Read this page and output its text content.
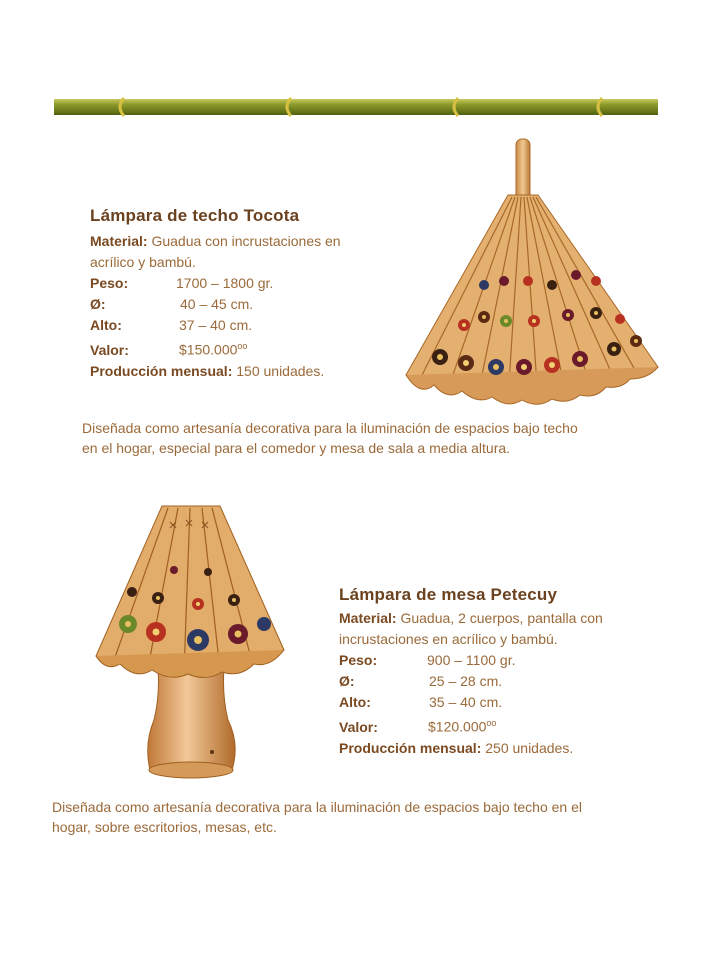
Lámpara de techo Tocota
Material: Guadua con incrustaciones en
acrílico y bambú.
Peso:	1700 – 1800 gr.
Ø:	40 – 45 cm.
Alto:	37 – 40 cm.
Valor:	$\$150.000^{oo}$
Producción mensual: 150 unidades.
Diseñada como artesanía decorativa para la iluminación de espacios bajo techo
en el hogar, especial para el comedor y mesa de sala a media altura.
Lámpara de mesa Petecuy
Material: Guadua, 2 cuerpos, pantalla con
incrustaciones en acrílico y bambú.
Peso:	900 – 1100 gr.
Ø:	25 – 28 cm.
Alto:	35 – 40 cm.
Valor:	$\$120.000^{oo}$
Producción mensual: 250 unidades.
Diseñada como artesanía decorativa para la iluminación de espacios bajo techo en el
hogar, sobre escritorios, mesas, etc.
